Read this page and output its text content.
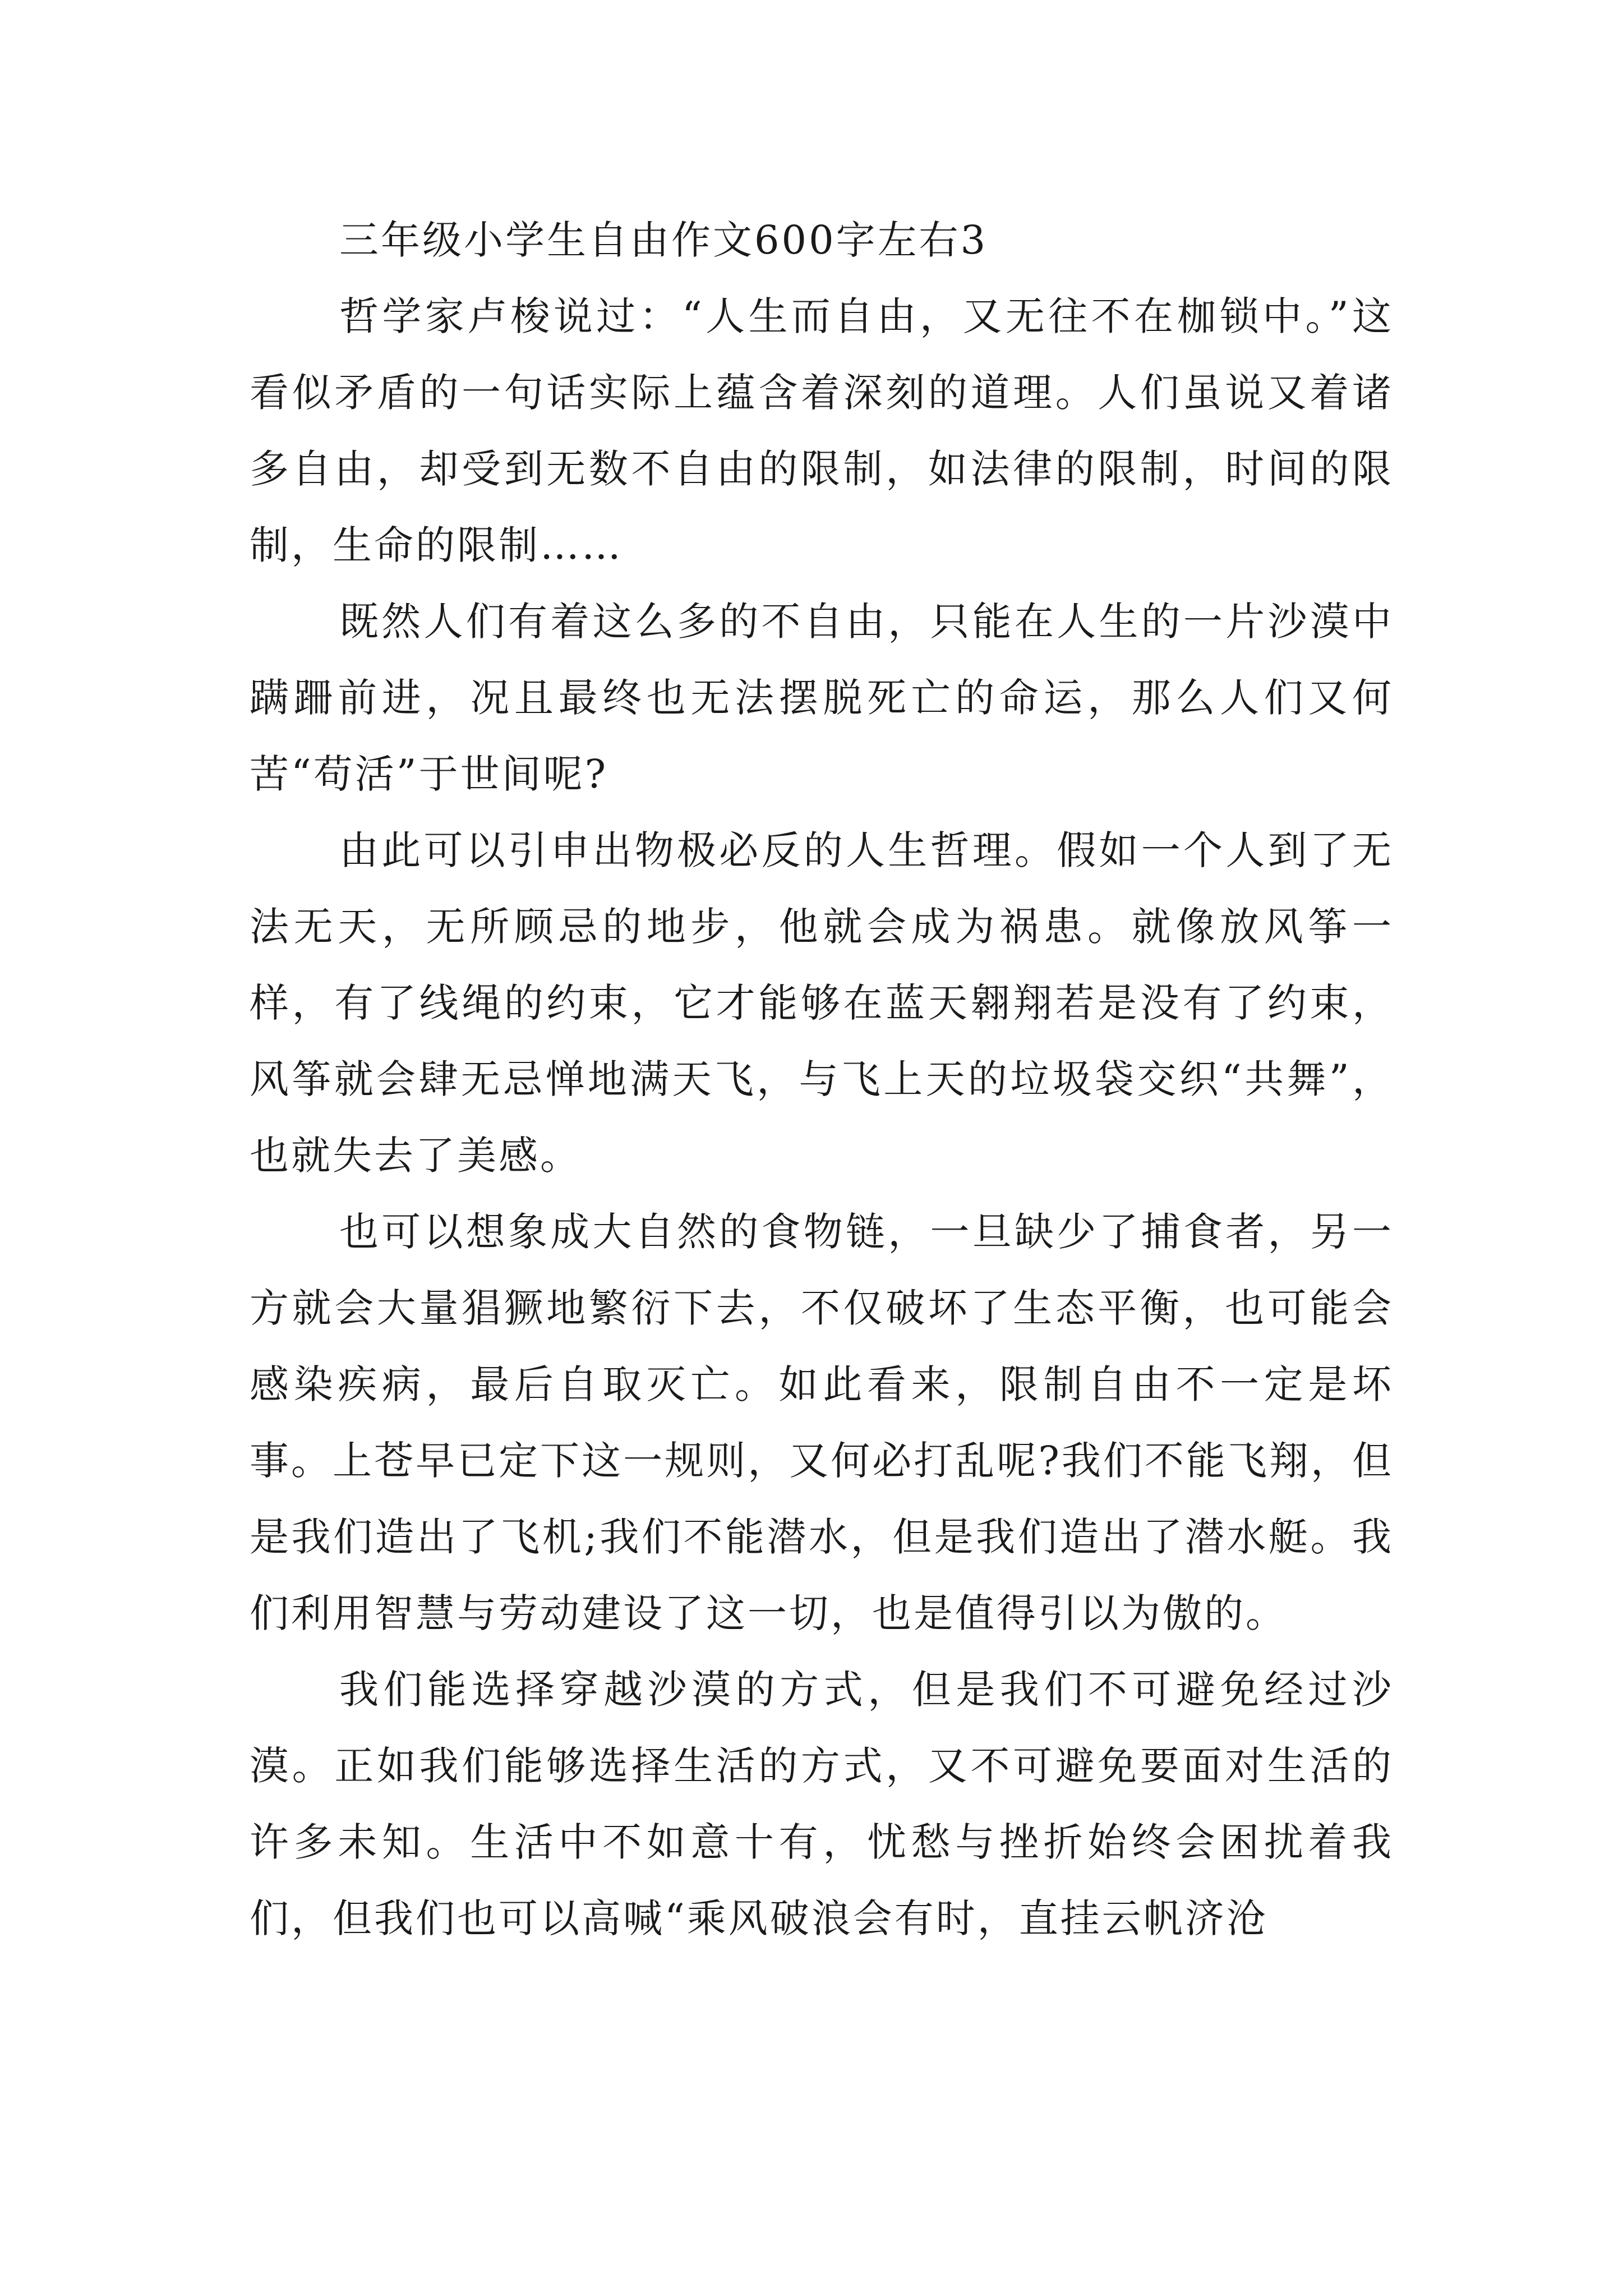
三年级小学生自由作文600字左右3

哲学家卢梭说过：“人生而自由，又无往不在枷锁中。”这看似矛盾的一句话实际上蕴含着深刻的道理。人们虽说又着诸多自由，却受到无数不自由的限制，如法律的限制，时间的限制，生命的限制……

既然人们有着这么多的不自由，只能在人生的一片沙漠中蹒跚前进，况且最终也无法摆脱死亡的命运，那么人们又何苦“苟活”于世间呢?

由此可以引申出物极必反的人生哲理。假如一个人到了无法无天，无所顾忌的地步，他就会成为祸患。就像放风筝一样，有了线绳的约束，它才能够在蓝天翱翔若是没有了约束，风筝就会肆无忌惮地满天飞，与飞上天的垃圾袋交织“共舞”，也就失去了美感。

也可以想象成大自然的食物链，一旦缺少了捕食者，另一方就会大量猖獗地繁衍下去，不仅破坏了生态平衡，也可能会感染疾病，最后自取灭亡。如此看来，限制自由不一定是坏事。上苍早已定下这一规则，又何必打乱呢?我们不能飞翔，但是我们造出了飞机;我们不能潜水，但是我们造出了潜水艇。我们利用智慧与劳动建设了这一切，也是值得引以为傲的。

我们能选择穿越沙漠的方式，但是我们不可避免经过沙漠。正如我们能够选择生活的方式，又不可避免要面对生活的许多未知。生活中不如意十有，忧愁与挫折始终会困扰着我们，但我们也可以高喊“乘风破浪会有时，直挂云帆济沧
